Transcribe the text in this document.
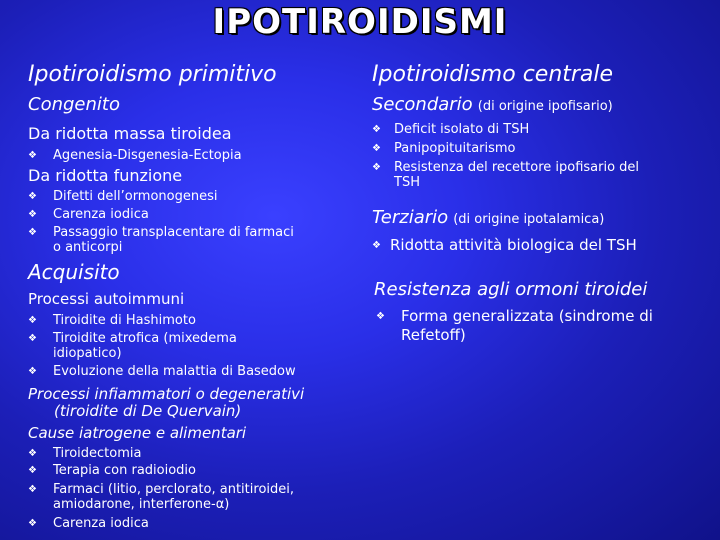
IPOTIROIDISMI
Ipotiroidismo primitivo
Congenito
Da ridotta massa tiroidea
❖ Agenesia-Disgenesia-Ectopia
Da ridotta funzione
❖ Difetti dell’ormonogenesi
❖ Carenza iodica
❖ Passaggio transplacentare di farmaci
o anticorpi
Acquisito
Processi autoimmuni
❖ Tiroidite di Hashimoto
❖ Tiroidite atrofica (mixedema
idiopatico)
❖ Evoluzione della malattia di Basedow
Processi infiammatori o degenerativi
(tiroidite di De Quervain)
Cause iatrogene e alimentari
❖ Tiroidectomia
❖ Terapia con radioiodio
❖ Farmaci (litio, perclorato, antitiroidei,
amiodarone, interferone-α)
❖ Carenza iodica
Ipotiroidismo centrale
Secondario (di origine ipofisario)
❖ Deficit isolato di TSH
❖ Panipopituitarismo
❖ Resistenza del recettore ipofisario del
TSH
Terziario (di origine ipotalamica)
❖ Ridotta attività biologica del TSH
Resistenza agli ormoni tiroidei
❖ Forma generalizzata (sindrome di
Refetoff)
